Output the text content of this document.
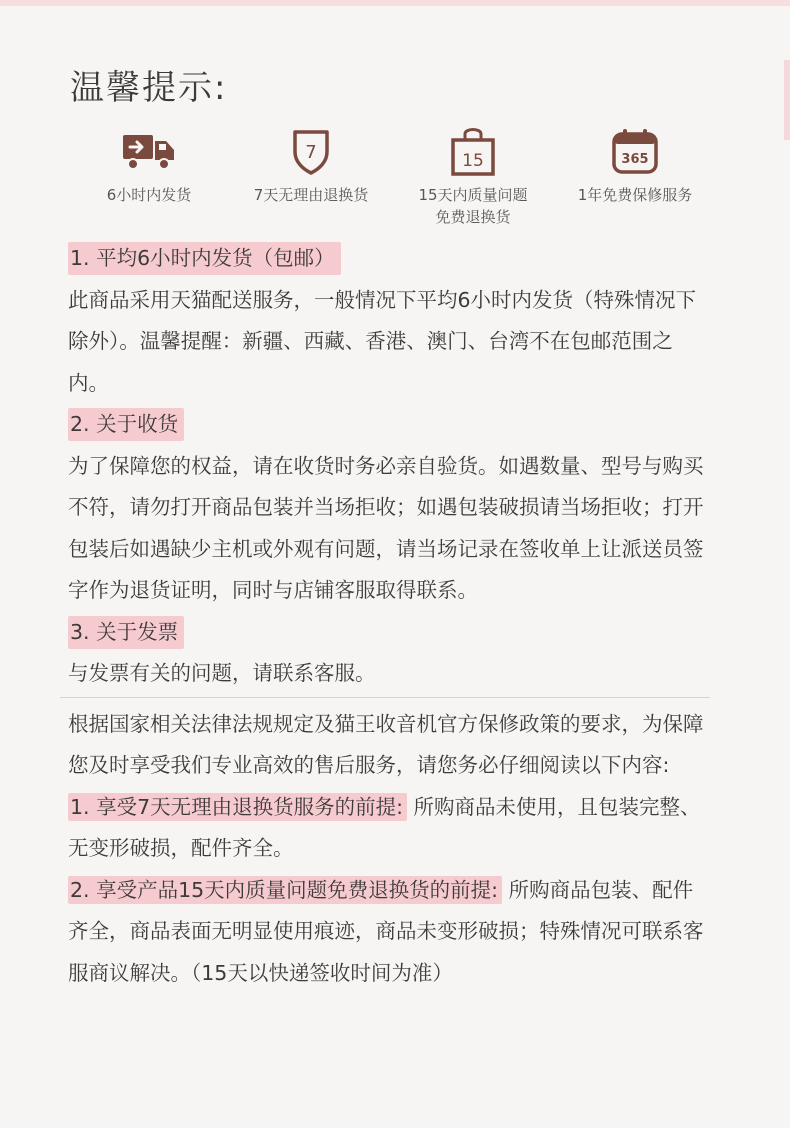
温馨提示:
6小时内发货
7
7天无理由退换货
15
15天内质量问题
免费退换货
365
1年免费保修服务
1. 平均6小时内发货（包邮）

此商品采用天猫配送服务，一般情况下平均6小时内发货（特殊情况下除外）。温馨提醒：新疆、西藏、香港、澳门、台湾不在包邮范围之内。

2. 关于收货

为了保障您的权益，请在收货时务必亲自验货。如遇数量、型号与购买不符，请勿打开商品包装并当场拒收；如遇包装破损请当场拒收；打开包装后如遇缺少主机或外观有问题，请当场记录在签收单上让派送员签字作为退货证明，同时与店铺客服取得联系。

3. 关于发票

与发票有关的问题，请联系客服。

根据国家相关法律法规规定及猫王收音机官方保修政策的要求，为保障您及时享受我们专业高效的售后服务，请您务必仔细阅读以下内容:

1. 享受7天无理由退换货服务的前提: 所购商品未使用，且包装完整、无变形破损，配件齐全。

2. 享受产品15天内质量问题免费退换货的前提: 所购商品包装、配件齐全，商品表面无明显使用痕迹，商品未变形破损；特殊情况可联系客服商议解决。（15天以快递签收时间为准）
